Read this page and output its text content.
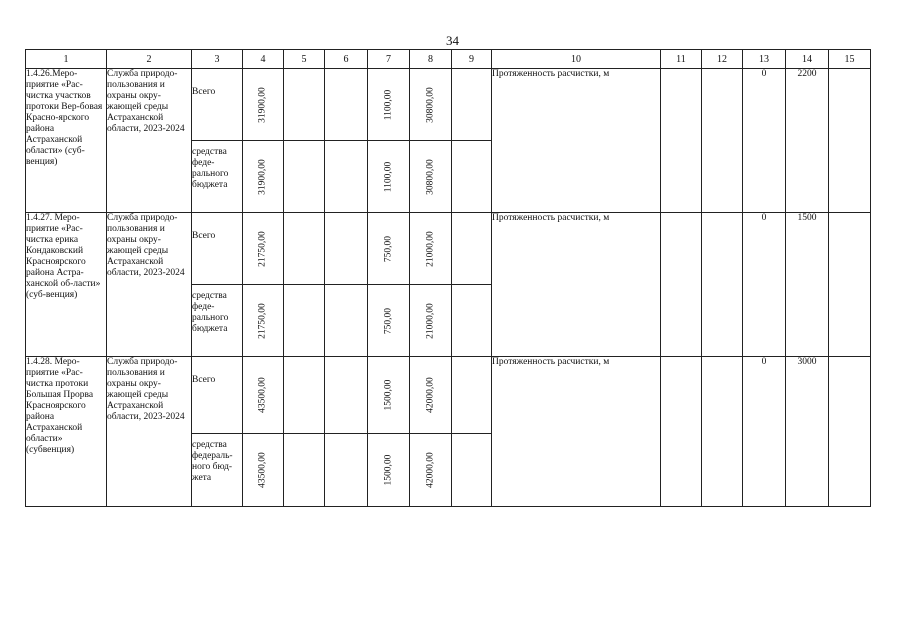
34
1	2	3	4	5	6	7	8	9	10	11	12	13	14	15
1.4.26.Меро-приятие «Рас-чистка участков протоки Вер-бовая Красно-ярского района Астраханской области» (суб-венция)	Служба природо-пользования и охраны окру-жающей среды Астраханской области, 2023-2024	Всего	31900,00			1100,00	30800,00		Протяженность расчистки, м			0	2200	
		средства феде-рального бюджета	31900,00			1100,00	30800,00							

1.4.27. Меро-приятие «Рас-чистка ерика Кондаковский Красноярского района Астра-ханской об-ласти» (суб-венция)	Служба природо-пользования и охраны окру-жающей среды Астраханской области, 2023-2024	Всего	21750,00			750,00	21000,00		Протяженность расчистки, м			0	1500	
		средства феде-рального бюджета	21750,00			750,00	21000,00							

1.4.28. Меро-приятие «Рас-чистка протоки Большая Прорва Красноярского района Астраханской области» (субвенция)	Служба природо-пользования и охраны окру-жающей среды Астраханской области, 2023-2024	Всего	43500,00			1500,00	42000,00		Протяженность расчистки, м			0	3000	
		средства федераль-ного бюд-жета	43500,00			1500,00	42000,00							
